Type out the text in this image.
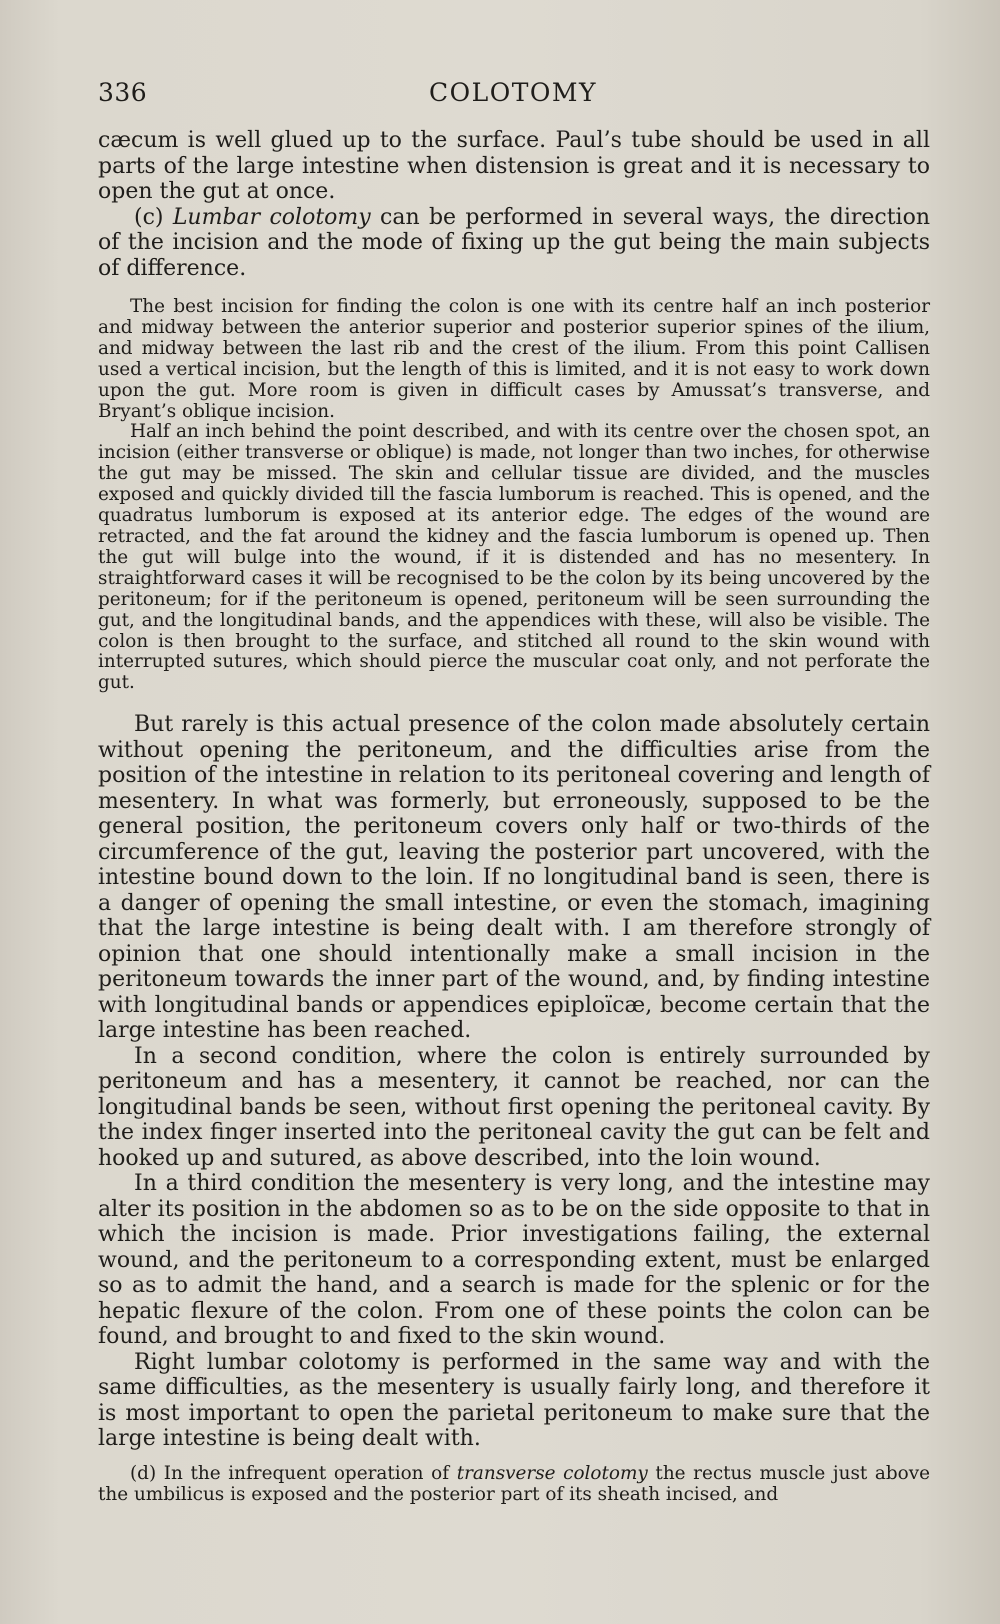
336	COLOTOMY

cæcum is well glued up to the surface. Paul’s tube should be used in all parts of the large intestine when distension is great and it is necessary to open the gut at once.

(c) Lumbar colotomy can be performed in several ways, the direction of the incision and the mode of fixing up the gut being the main subjects of difference.

The best incision for finding the colon is one with its centre half an inch posterior and midway between the anterior superior and posterior superior spines of the ilium, and midway between the last rib and the crest of the ilium. From this point Callisen used a vertical incision, but the length of this is limited, and it is not easy to work down upon the gut. More room is given in difficult cases by Amussat’s transverse, and Bryant’s oblique incision.

Half an inch behind the point described, and with its centre over the chosen spot, an incision (either transverse or oblique) is made, not longer than two inches, for otherwise the gut may be missed. The skin and cellular tissue are divided, and the muscles exposed and quickly divided till the fascia lumborum is reached. This is opened, and the quadratus lumborum is exposed at its anterior edge. The edges of the wound are retracted, and the fat around the kidney and the fascia lumborum is opened up. Then the gut will bulge into the wound, if it is distended and has no mesentery. In straightforward cases it will be recognised to be the colon by its being uncovered by the peritoneum; for if the peritoneum is opened, peritoneum will be seen surrounding the gut, and the longitudinal bands, and the appendices with these, will also be visible. The colon is then brought to the surface, and stitched all round to the skin wound with interrupted sutures, which should pierce the muscular coat only, and not perforate the gut.

But rarely is this actual presence of the colon made absolutely certain without opening the peritoneum, and the difficulties arise from the position of the intestine in relation to its peritoneal covering and length of mesentery. In what was formerly, but erroneously, supposed to be the general position, the peritoneum covers only half or two-thirds of the circumference of the gut, leaving the posterior part uncovered, with the intestine bound down to the loin. If no longitudinal band is seen, there is a danger of opening the small intestine, or even the stomach, imagining that the large intestine is being dealt with. I am therefore strongly of opinion that one should intentionally make a small incision in the peritoneum towards the inner part of the wound, and, by finding intestine with longitudinal bands or appendices epiploïcæ, become certain that the large intestine has been reached.

In a second condition, where the colon is entirely surrounded by peritoneum and has a mesentery, it cannot be reached, nor can the longitudinal bands be seen, without first opening the peritoneal cavity. By the index finger inserted into the peritoneal cavity the gut can be felt and hooked up and sutured, as above described, into the loin wound.

In a third condition the mesentery is very long, and the intestine may alter its position in the abdomen so as to be on the side opposite to that in which the incision is made. Prior investigations failing, the external wound, and the peritoneum to a corresponding extent, must be enlarged so as to admit the hand, and a search is made for the splenic or for the hepatic flexure of the colon. From one of these points the colon can be found, and brought to and fixed to the skin wound.

Right lumbar colotomy is performed in the same way and with the same difficulties, as the mesentery is usually fairly long, and therefore it is most important to open the parietal peritoneum to make sure that the large intestine is being dealt with.

(d) In the infrequent operation of transverse colotomy the rectus muscle just above the umbilicus is exposed and the posterior part of its sheath incised, and
